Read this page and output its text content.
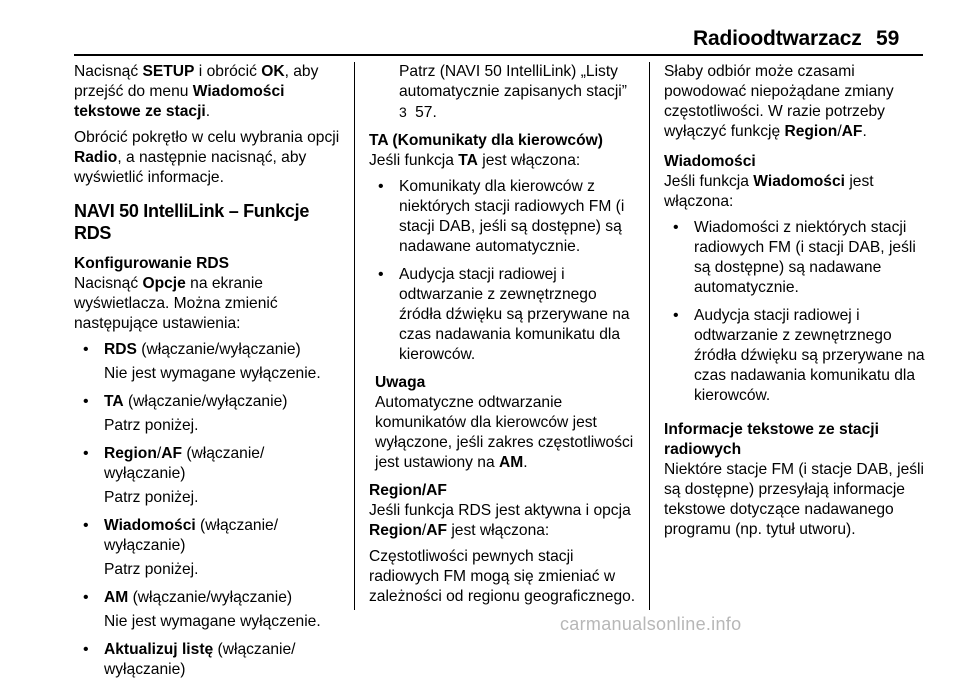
Radioodtwarzacz 59

Nacisnąć SETUP i obrócić OK, aby przejść do menu Wiadomości tekstowe ze stacji.

Obrócić pokrętło w celu wybrania opcji Radio, a następnie nacisnąć, aby wyświetlić informacje.

NAVI 50 IntelliLink – Funkcje RDS
Konfigurowanie RDS

Nacisnąć Opcje na ekranie wyświetlacza. Można zmienić następujące ustawienia:

• RDS (włączanie/wyłączanie)
Nie jest wymagane wyłączenie.
• TA (włączanie/wyłączanie)
Patrz poniżej.
• Region/AF (włączanie/ wyłączanie)
Patrz poniżej.
• Wiadomości (włączanie/ wyłączanie)
Patrz poniżej.
• AM (włączanie/wyłączanie)
Nie jest wymagane wyłączenie.
• Aktualizuj listę (włączanie/ wyłączanie)

Patrz (NAVI 50 IntelliLink) „Listy automatycznie zapisanych stacji”
3 57.

TA (Komunikaty dla kierowców)

Jeśli funkcja TA jest włączona:

• Komunikaty dla kierowców z niektórych stacji radiowych FM (i stacji DAB, jeśli są dostępne) są nadawane automatycznie.
• Audycja stacji radiowej i odtwarzanie z zewnętrznego źródła dźwięku są przerywane na czas nadawania komunikatu dla kierowców.
Uwaga
Automatyczne odtwarzanie komunikatów dla kierowców jest wyłączone, jeśli zakres częstotliwości jest ustawiony na AM.
Region/AF

Jeśli funkcja RDS jest aktywna i opcja Region/AF jest włączona:

Częstotliwości pewnych stacji radiowych FM mogą się zmieniać w zależności od regionu geograficznego.

Słaby odbiór może czasami powodować niepożądane zmiany częstotliwości. W razie potrzeby wyłączyć funkcję Region/AF.

Wiadomości

Jeśli funkcja Wiadomości jest włączona:

• Wiadomości z niektórych stacji radiowych FM (i stacji DAB, jeśli są dostępne) są nadawane automatycznie.
• Audycja stacji radiowej i odtwarzanie z zewnętrznego źródła dźwięku są przerywane na czas nadawania komunikatu dla kierowców.
Informacje tekstowe ze stacji radiowych

Niektóre stacje FM (i stacje DAB, jeśli są dostępne) przesyłają informacje tekstowe dotyczące nadawanego programu (np. tytuł utworu).

carmanualsonline.info
